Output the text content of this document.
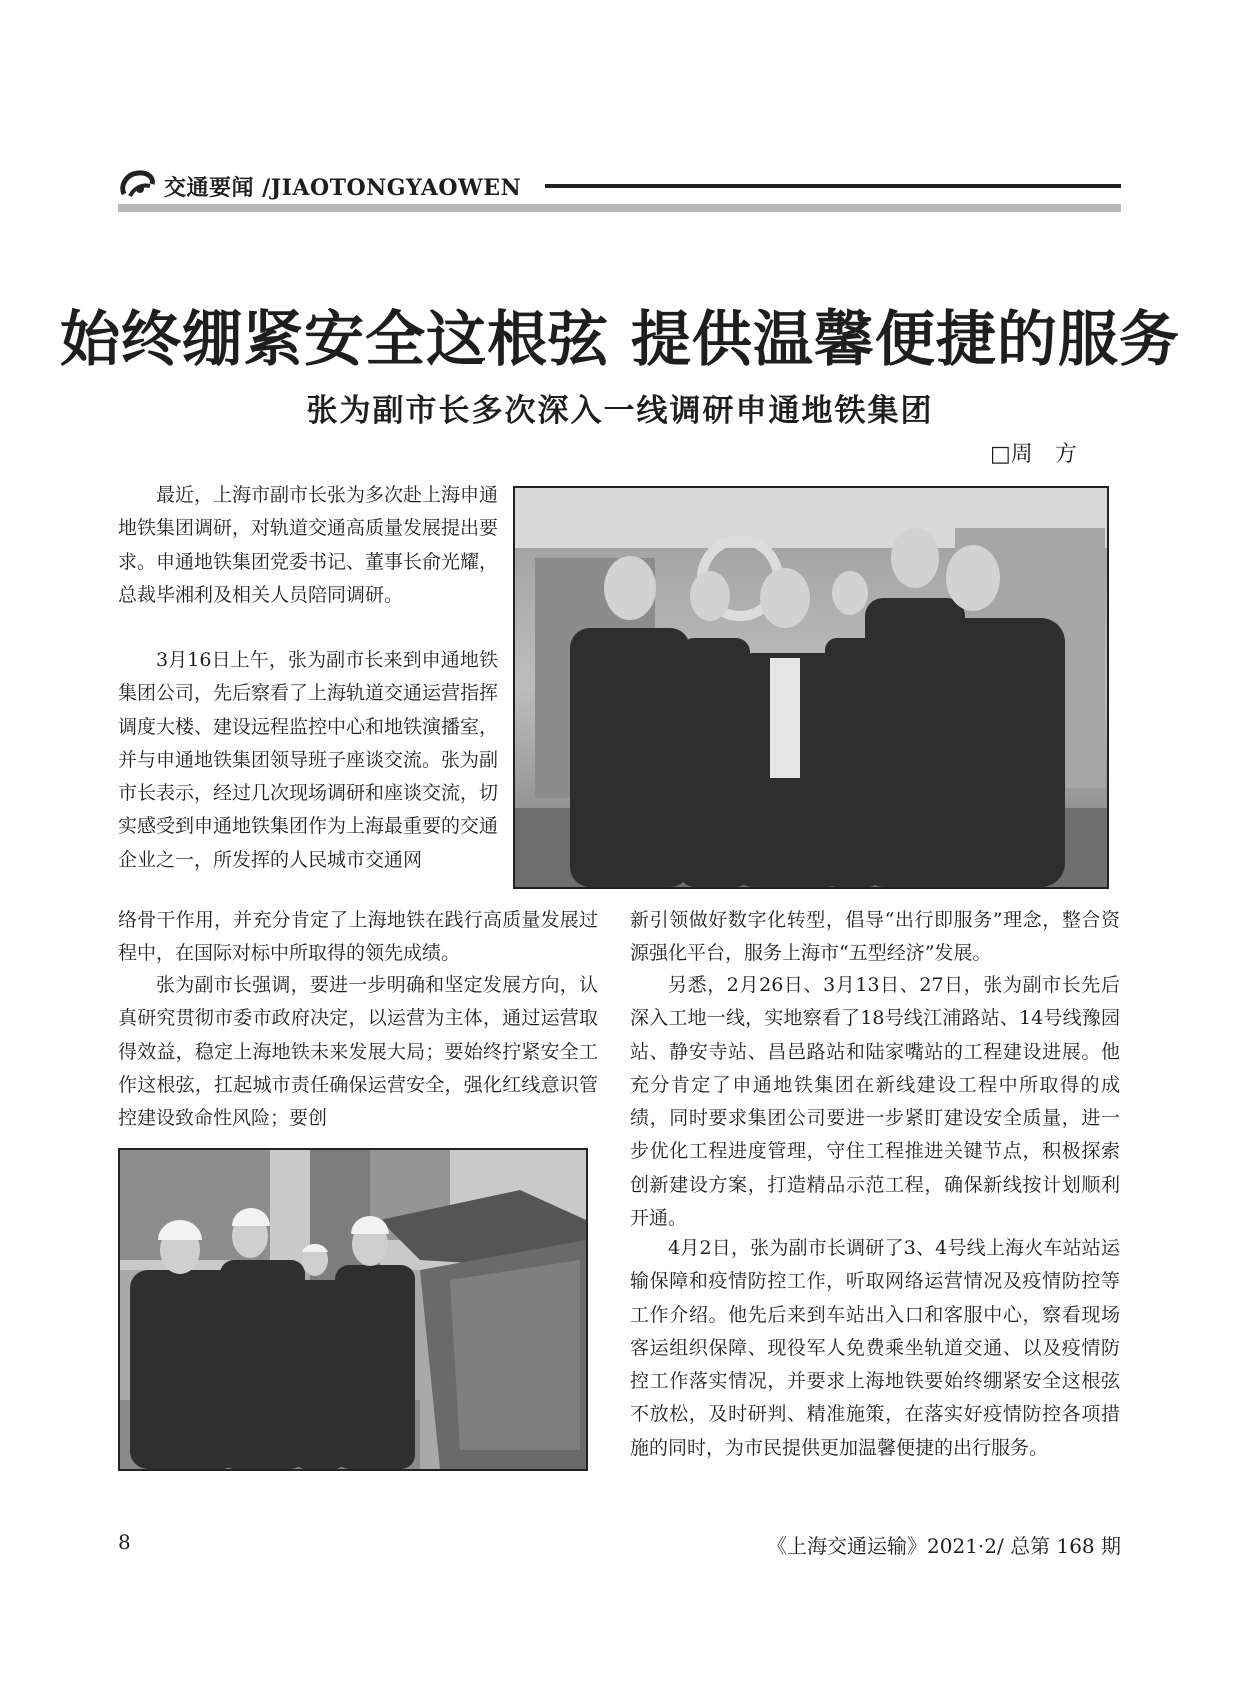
交通要闻 /JIAOTONGYAOWEN
始终绷紧安全这根弦 提供温馨便捷的服务
张为副市长多次深入一线调研申通地铁集团
□周　方

最近，上海市副市长张为多次赴上海申通地铁集团调研，对轨道交通高质量发展提出要求。申通地铁集团党委书记、董事长俞光耀，总裁毕湘利及相关人员陪同调研。

3月16日上午，张为副市长来到申通地铁集团公司，先后察看了上海轨道交通运营指挥调度大楼、建设远程监控中心和地铁演播室，并与申通地铁集团领导班子座谈交流。张为副市长表示，经过几次现场调研和座谈交流，切实感受到申通地铁集团作为上海最重要的交通企业之一，所发挥的人民城市交通网

络骨干作用，并充分肯定了上海地铁在践行高质量发展过程中，在国际对标中所取得的领先成绩。

张为副市长强调，要进一步明确和坚定发展方向，认真研究贯彻市委市政府决定，以运营为主体，通过运营取得效益，稳定上海地铁未来发展大局；要始终拧紧安全工作这根弦，扛起城市责任确保运营安全，强化红线意识管控建设致命性风险；要创

新引领做好数字化转型，倡导“出行即服务”理念，整合资源强化平台，服务上海市“五型经济”发展。

另悉，2月26日、3月13日、27日，张为副市长先后深入工地一线，实地察看了18号线江浦路站、14号线豫园站、静安寺站、昌邑路站和陆家嘴站的工程建设进展。他充分肯定了申通地铁集团在新线建设工程中所取得的成绩，同时要求集团公司要进一步紧盯建设安全质量，进一步优化工程进度管理，守住工程推进关键节点，积极探索创新建设方案，打造精品示范工程，确保新线按计划顺利开通。

4月2日，张为副市长调研了3、4号线上海火车站站运输保障和疫情防控工作，听取网络运营情况及疫情防控等工作介绍。他先后来到车站出入口和客服中心，察看现场客运组织保障、现役军人免费乘坐轨道交通、以及疫情防控工作落实情况，并要求上海地铁要始终绷紧安全这根弦不放松，及时研判、精准施策，在落实好疫情防控各项措施的同时，为市民提供更加温馨便捷的出行服务。

8	《上海交通运输》2021·2/ 总第 168 期
